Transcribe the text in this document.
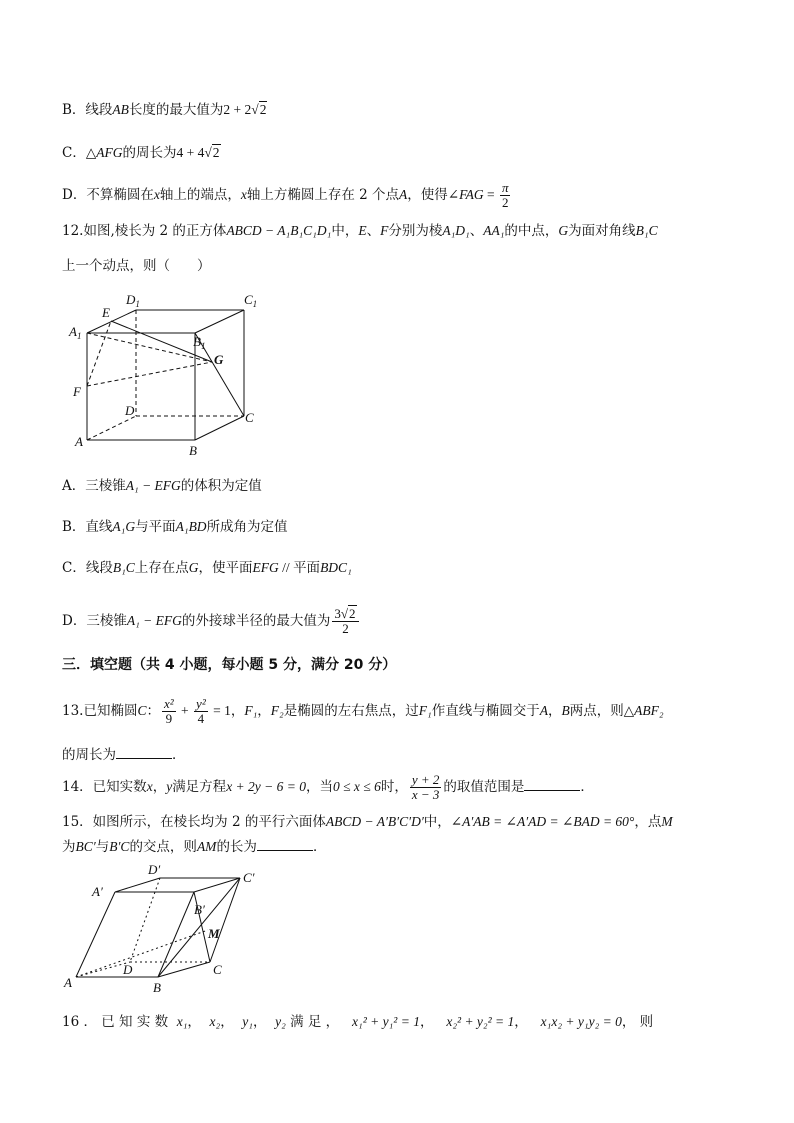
B．线段AB长度的最大值为2 + 2√2
C．△AFG的周长为4 + 4√2
D．不算椭圆在x轴上的端点，x轴上方椭圆上存在 2 个点A，使得∠FAG = $\frac{\pi}{2}$
12.如图,棱长为 2 的正方体ABCD − A₁B₁C₁D₁中，E、F分别为棱A₁D₁、AA₁的中点，G为面对角线B₁C
上一个动点，则（　　）
$A_1$
$D_1$	$C_1$
$B_1$
E
G
F
D	C
A
B
A．三棱锥A₁ − EFG的体积为定值
B．直线A₁G与平面A₁BD所成角为定值
C．线段B₁C上存在点G，使平面EFG // 平面BDC₁
D．三棱锥A₁ − EFG的外接球半径的最大值为 $\frac{3√2}{2}$
三．填空题（共 4 小题，每小题 5 分，满分 20 分）
13.已知椭圆C： $\frac{\text{x²}}{9} + \frac{\text{y²}}{4} = 1$，F₁，F₂是椭圆的左右焦点，过F₁作直线与椭圆交于A，B两点，则△ABF₂
的周长为	．
14．已知实数x，y满足方程x + 2y − 6 = 0，当0 ≤ x ≤ 6时， $\frac{y + 2}{x - 3}$ 的取值范围是	．
15．如图所示，在棱长均为 2 的平行六面体ABCD − A′B′C′D′中，∠A′AB = ∠A′AD = ∠BAD = 60°，点M
为BC′与B′C的交点，则AM的长为	．
D′
C′
A′
B′
M
D	C
A	B
16 ． 已 知 实 数 x₁， x₂， y₁， y₂ 满 足 ， x₁² + y₁² = 1， x₂² + y₂² = 1， x₁x₂ + y₁y₂ = 0， 则
